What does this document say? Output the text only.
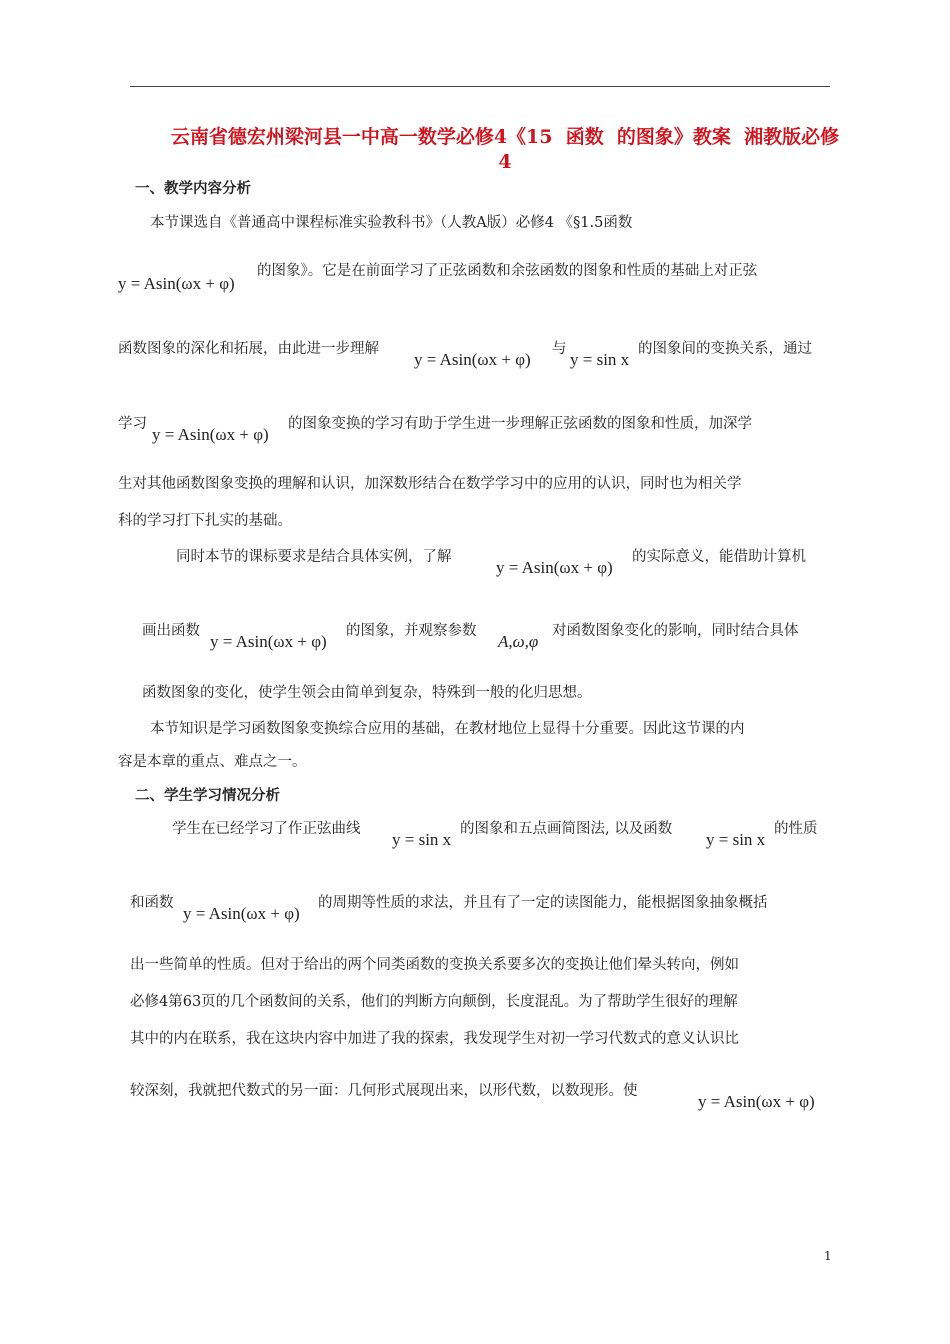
云南省德宏州梁河县一中高一数学必修4《15  函数  的图象》教案  湘教版必修4
一、教学内容分析
本节课选自《普通高中课程标准实验教科书》（人教A版）必修4 《§1.5函数
y = Asin(ωx + φ)
的图象》。它是在前面学习了正弦函数和余弦函数的图象和性质的基础上对正弦
函数图象的深化和拓展，由此进一步理解
y = Asin(ωx + φ)
与
y = sin x
的图象间的变换关系，通过
学习
y = Asin(ωx + φ)
的图象变换的学习有助于学生进一步理解正弦函数的图象和性质，加深学
生对其他函数图象变换的理解和认识，加深数形结合在数学学习中的应用的认识，同时也为相关学
科的学习打下扎实的基础。
同时本节的课标要求是结合具体实例，了解
y = Asin(ωx + φ)
的实际意义，能借助计算机
画出函数
y = Asin(ωx + φ)
的图象，并观察参数
A,ω,φ
对函数图象变化的影响，同时结合具体
函数图象的变化，使学生领会由简单到复杂，特殊到一般的化归思想。
本节知识是学习函数图象变换综合应用的基础，在教材地位上显得十分重要。因此这节课的内
容是本章的重点、难点之一。
二、学生学习情况分析
学生在已经学习了作正弦曲线
y = sin x
的图象和五点画简图法, 以及函数
y = sin x
的性质
和函数
y = Asin(ωx + φ)
的周期等性质的求法，并且有了一定的读图能力，能根据图象抽象概括
出一些简单的性质。但对于给出的两个同类函数的变换关系要多次的变换让他们晕头转向，例如
必修4第63页的几个函数间的关系，他们的判断方向颠倒，长度混乱。为了帮助学生很好的理解
其中的内在联系，我在这块内容中加进了我的探索，我发现学生对初一学习代数式的意义认识比
较深刻，我就把代数式的另一面：几何形式展现出来，以形代数，以数现形。使
y = Asin(ωx + φ)
1
